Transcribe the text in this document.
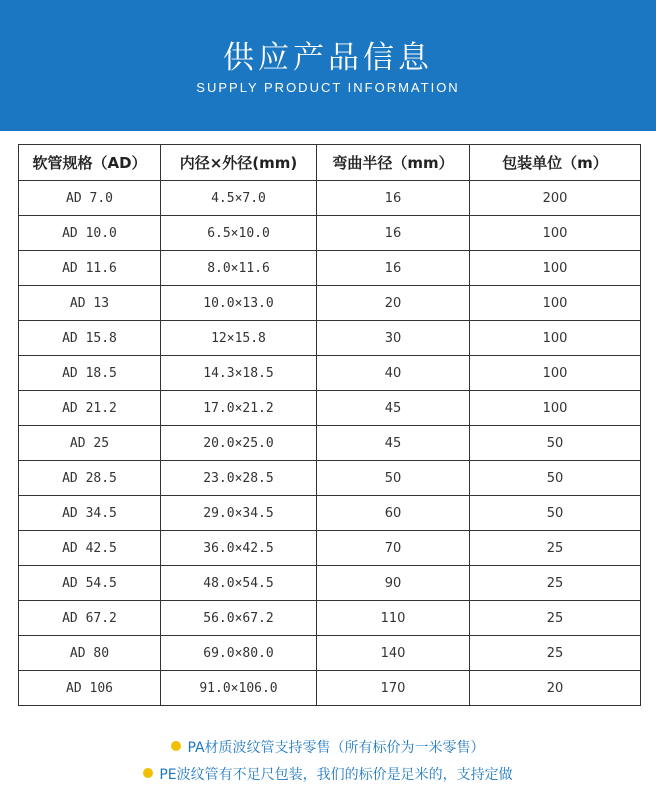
供应产品信息
SUPPLY PRODUCT INFORMATION
软管规格（AD）	内径×外径(mm)	弯曲半径（mm）	包装单位（m）
AD 7.0	4.5×7.0	16	200
AD 10.0	6.5×10.0	16	100
AD 11.6	8.0×11.6	16	100
AD 13	10.0×13.0	20	100
AD 15.8	12×15.8	30	100
AD 18.5	14.3×18.5	40	100
AD 21.2	17.0×21.2	45	100
AD 25	20.0×25.0	45	50
AD 28.5	23.0×28.5	50	50
AD 34.5	29.0×34.5	60	50
AD 42.5	36.0×42.5	70	25
AD 54.5	48.0×54.5	90	25
AD 67.2	56.0×67.2	110	25
AD 80	69.0×80.0	140	25
AD 106	91.0×106.0	170	20
PA材质波纹管支持零售（所有标价为一米零售）
PE波纹管有不足尺包装，我们的标价是足米的，支持定做
